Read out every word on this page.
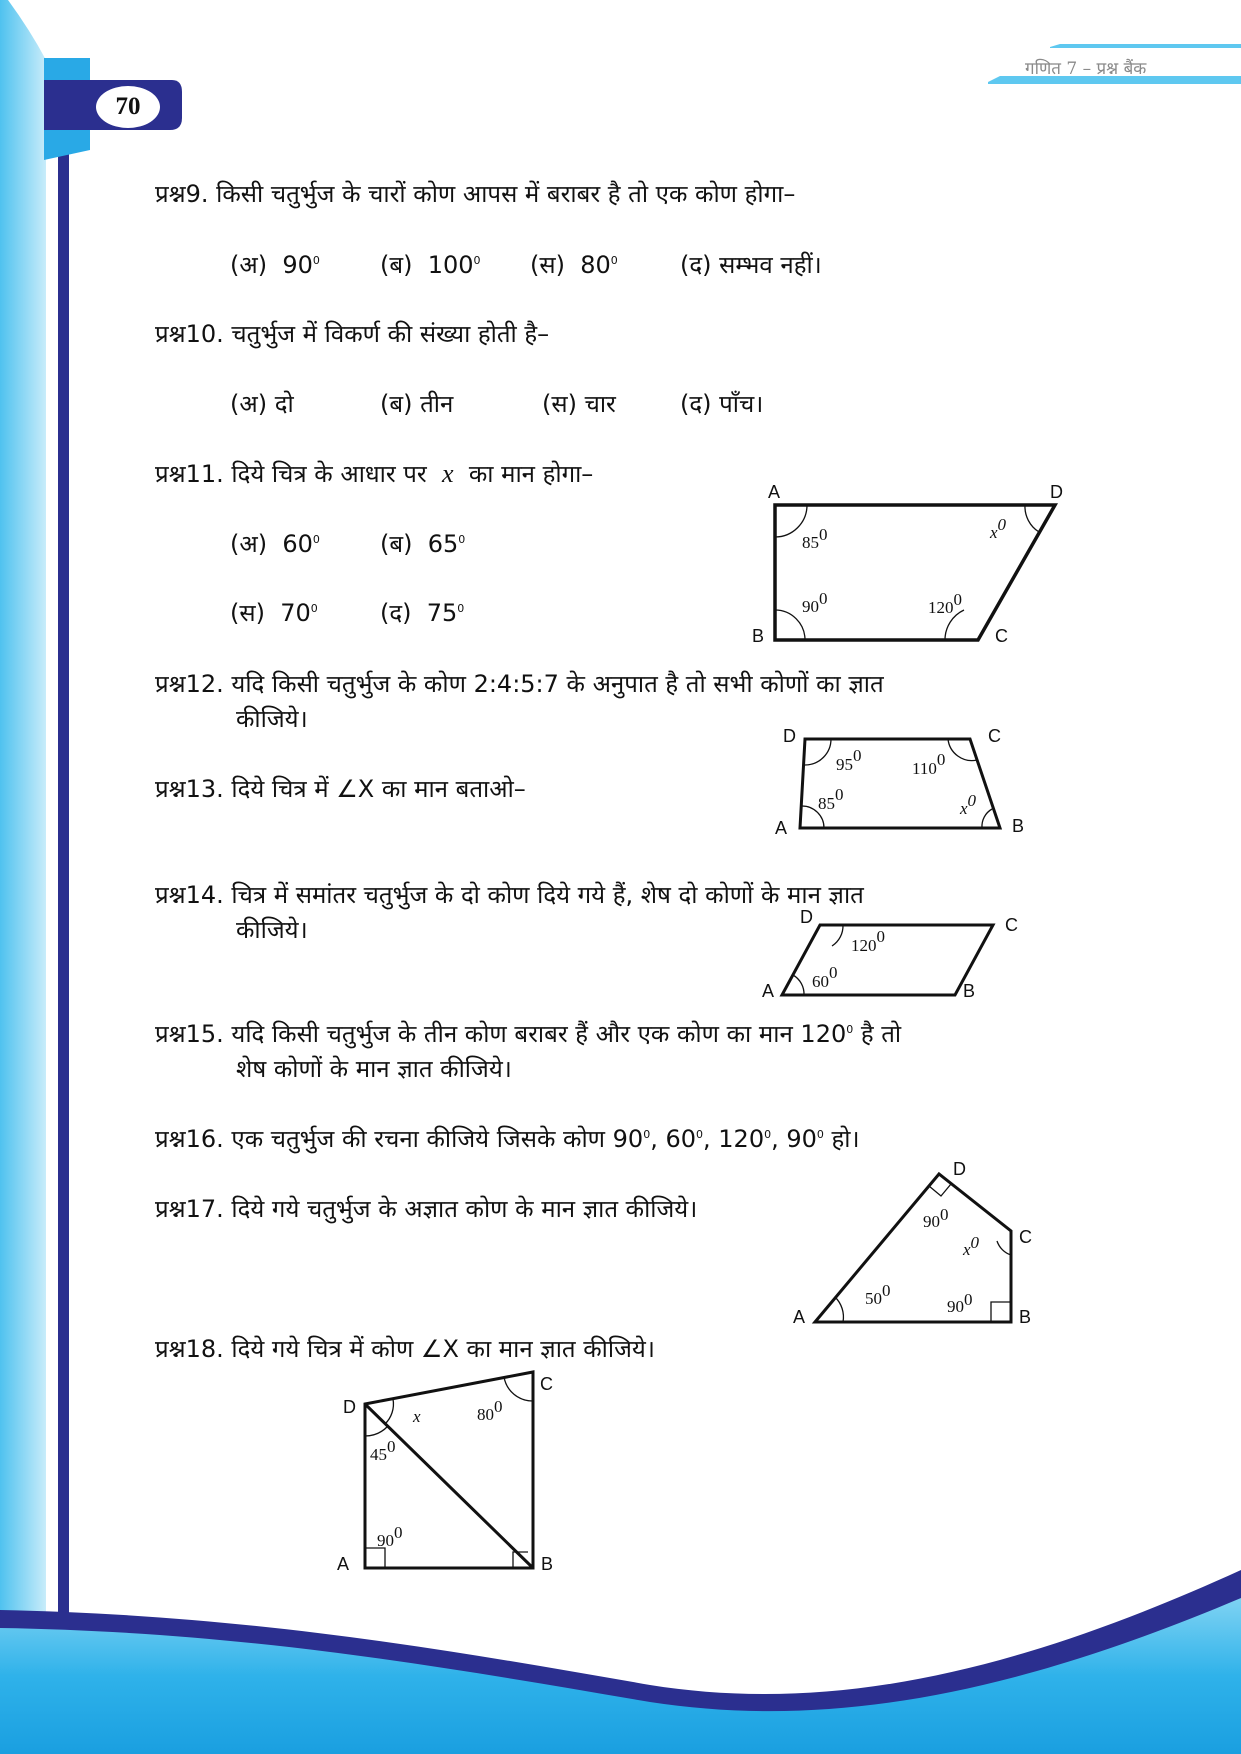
गणित 7 – प्रश्न बैंक
70
प्रश्न9. किसी चतुर्भुज के चारों कोण आपस में बराबर है तो एक कोण होगा–
(अ) $90^0$	(ब) $100^0$ (स) $80^0$	(द) सम्भव नहीं।
प्रश्न10. चतुर्भुज में विकर्ण की संख्या होती है–
(अ) दो	(ब) तीन	(स) चार	(द) पाँच।
प्रश्न11. दिये चित्र के आधार पर x का मान होगा–
(अ) $60^0$	(ब) $65^0$
(स) $70^0$	(द) $75^0$
A	D
B	C
850	x0
900	1200
प्रश्न12. यदि किसी चतुर्भुज के कोण 2:4:5:7 के अनुपात है तो सभी कोणों का ज्ञात
कीजिये।
प्रश्न13. दिये चित्र में ∠X का मान बताओ–
D	C
A	B
950
1100
850
x0
प्रश्न14. चित्र में समांतर चतुर्भुज के दो कोण दिये गये हैं, शेष दो कोणों के मान ज्ञात
कीजिये।	D	C
A	B
1200
600
प्रश्न15. यदि किसी चतुर्भुज के तीन कोण बराबर हैं और एक कोण का मान $120^0$ है तो
शेष कोणों के मान ज्ञात कीजिये।
प्रश्न16. एक चतुर्भुज की रचना कीजिये जिसके कोण $90^0$, $60^0$, $120^0$, $90^0$ हो।
प्रश्न17. दिये गये चतुर्भुज के अज्ञात कोण के मान ज्ञात कीजिये।
D
C
A	B
900
x0
500
900
प्रश्न18. दिये गये चित्र में कोण ∠X का मान ज्ञात कीजिये।
D
C
A	B
x	800
450
900
